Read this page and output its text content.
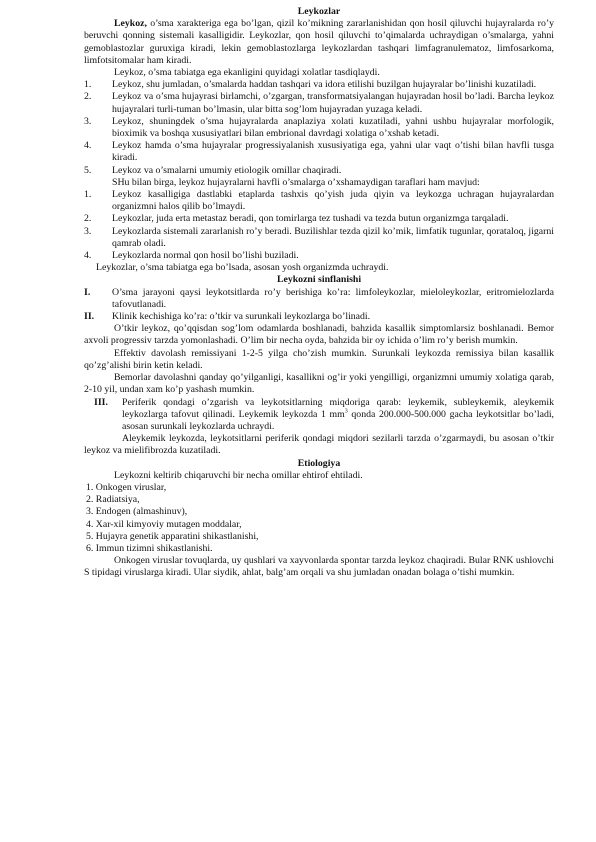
Leykozlar

Leykoz, o’sma xarakteriga ega bo’lgan, qizil ko’mikning zararlanishidan qon hosil qiluvchi hujayralarda ro’y beruvchi qonning sistemali kasalligidir. Leykozlar, qon hosil qiluvchi to’qimalarda uchraydigan o’smalarga, yahni gemoblastozlar guruxiga kiradi, lekin gemoblastozlarga leykozlardan tashqari limfagranulematoz, limfosarkoma, limfotsitomalar ham kiradi.

Leykoz, o’sma tabiatga ega ekanligini quyidagi xolatlar tasdiqlaydi.

1. Leykoz, shu jumladan, o’smalarda haddan tashqari va idora etilishi buzilgan hujayralar bo’linishi kuzatiladi.
2. Leykoz va o’sma hujayrasi birlamchi, o’zgargan, transformatsiyalangan hujayradan hosil bo’ladi. Barcha leykoz hujayralari turli-tuman bo’lmasin, ular bitta sog’lom hujayradan yuzaga keladi.
3. Leykoz, shuningdek o’sma hujayralarda anaplaziya xolati kuzatiladi, yahni ushbu hujayralar morfologik, bioximik va boshqa xususiyatlari bilan embrional davrdagi xolatiga o’xshab ketadi.
4. Leykoz hamda o’sma hujayralar progressiyalanish xususiyatiga ega, yahni ular vaqt o’tishi bilan havfli tusga kiradi.
5. Leykoz va o’smalarni umumiy etiologik omillar chaqiradi.
SHu bilan birga, leykoz hujayralarni havfli o’smalarga o’xshamaydigan taraflari ham mavjud:
1. Leykoz kasalligiga dastlabki etaplarda tashxis qo’yish juda qiyin va leykozga uchragan hujayralardan organizmni halos qilib bo’lmaydi.
2. Leykozlar, juda erta metastaz beradi, qon tomirlarga tez tushadi va tezda butun organizmga tarqaladi.
3. Leykozlarda sistemali zararlanish ro’y beradi. Buzilishlar tezda qizil ko’mik, limfatik tugunlar, qorataloq, jigarni qamrab oladi.
4. Leykozlarda normal qon hosil bo’lishi buziladi.
Leykozlar, o’sma tabiatga ega bo’lsada, asosan yosh organizmda uchraydi.
Leykozni sinflanishi
I. O’sma jarayoni qaysi leykotsitlarda ro’y berishiga ko’ra: limfoleykozlar, mieloleykozlar, eritromielozlarda tafovutlanadi.
II. Klinik kechishiga ko’ra: o’tkir va surunkali leykozlarga bo’linadi.

O’tkir leykoz, qo’qqisdan sog’lom odamlarda boshlanadi, bahzida kasallik simptomlarsiz boshlanadi. Bemor axvoli progressiv tarzda yomonlashadi. O’lim bir necha oyda, bahzida bir oy ichida o’lim ro’y berish mumkin.

Effektiv davolash remissiyani 1-2-5 yilga cho’zish mumkin. Surunkali leykozda remissiya bilan kasallik qo’zg’alishi birin ketin keladi.

Bemorlar davolashni qanday qo’yilganligi, kasallikni og’ir yoki yengilligi, organizmni umumiy xolatiga qarab, 2-10 yil, undan xam ko’p yashash mumkin.

III. Periferik qondagi o’zgarish va leykotsitlarning miqdoriga qarab: leykemik, subleykemik, aleykemik leykozlarga tafovut qilinadi. Leykemik leykozda 1 $mm^3$ qonda 200.000-500.000 gacha leykotsitlar bo’ladi, asosan surunkali leykozlarda uchraydi.
Aleykemik leykozda, leykotsitlarni periferik qondagi miqdori sezilarli tarzda o’zgarmaydi, bu asosan o’tkir leykoz va mielifibrozda kuzatiladi.
Etiologiya

Leykozni keltirib chiqaruvchi bir necha omillar ehtirof ehtiladi.

1. Onkogen viruslar,
2. Radiatsiya,
3. Endogen (almashinuv),
4. Xar-xil kimyoviy mutagen moddalar,
5. Hujayra genetik apparatini shikastlanishi,
6. Immun tizimni shikastlanishi.

Onkogen viruslar tovuqlarda, uy qushlari va xayvonlarda spontar tarzda leykoz chaqiradi. Bular RNK ushlovchi S tipidagi viruslarga kiradi. Ular siydik, ahlat, balg’am orqali va shu jumladan onadan bolaga o’tishi mumkin.
